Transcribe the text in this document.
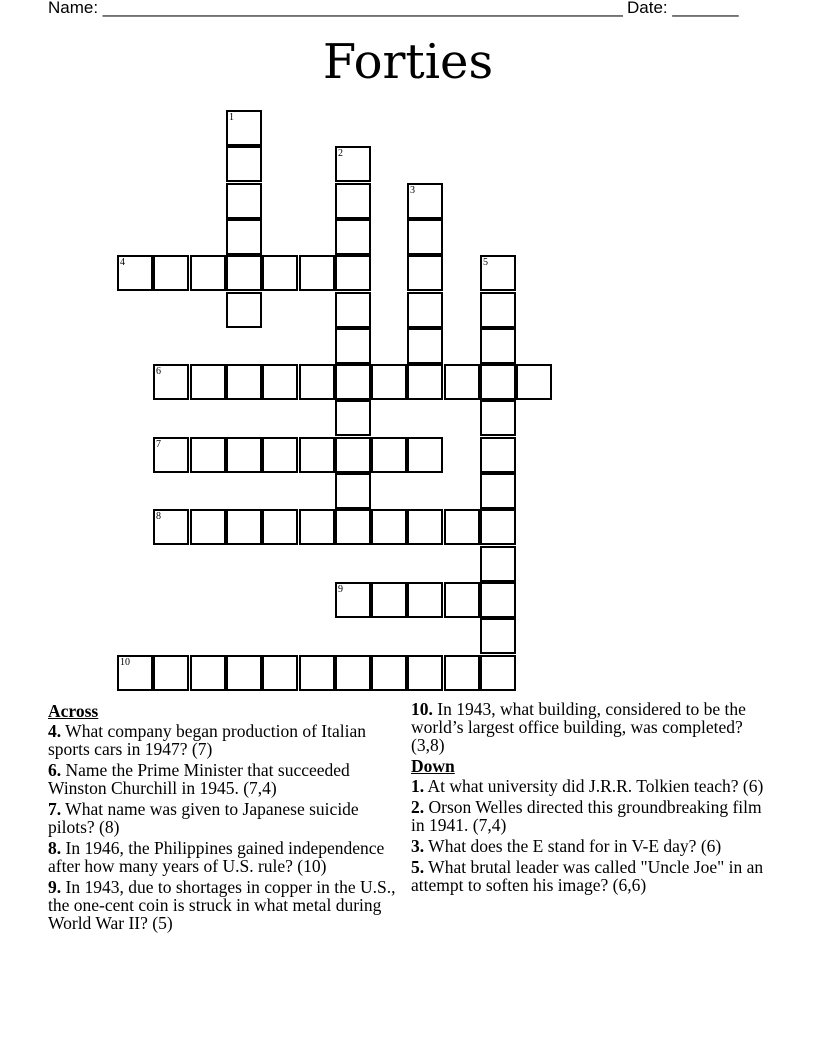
Name: _______________________________________________________ Date: _______
Forties
4
6
7
8
9
10
1
2
3
5
Across
4. What company began production of Italian sports cars in 1947? (7)
6. Name the Prime Minister that succeeded Winston Churchill in 1945. (7,4)
7. What name was given to Japanese suicide pilots? (8)
8. In 1946, the Philippines gained independence after how many years of U.S. rule? (10)
9. In 1943, due to shortages in copper in the U.S., the one-cent coin is struck in what metal during World War II? (5)
10. In 1943, what building, considered to be the world’s largest office building, was completed? (3,8)
Down
1. At what university did J.R.R. Tolkien teach? (6)
2. Orson Welles directed this groundbreaking film in 1941. (7,4)
3. What does the E stand for in V-E day? (6)
5. What brutal leader was called "Uncle Joe" in an attempt to soften his image? (6,6)
